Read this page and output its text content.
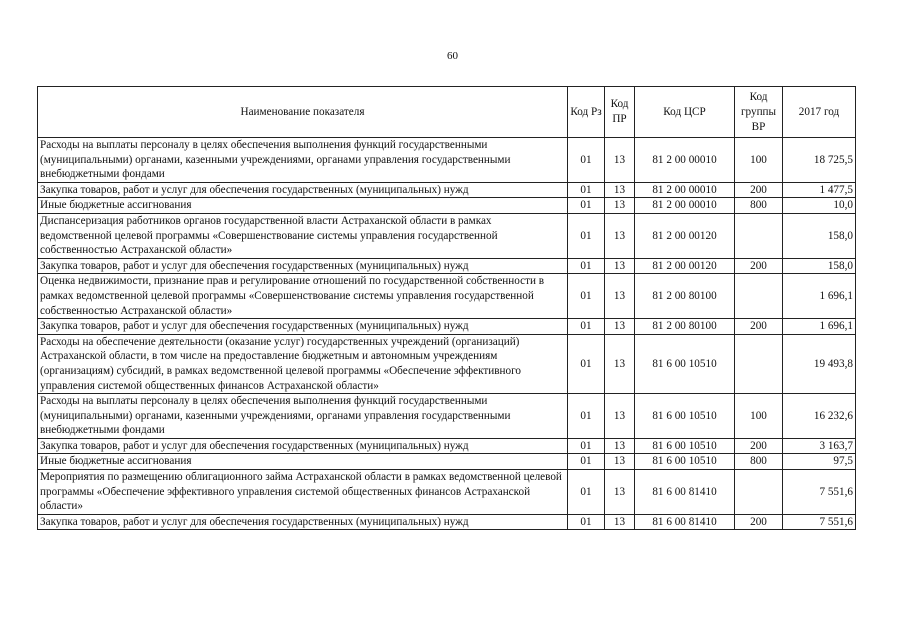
60
Наименование показателя	Код Рз	Код ПР	Код ЦСР	Код группы ВР	2017 год
Расходы на выплаты персоналу в целях обеспечения выполнения функций государственными (муниципальными) органами, казенными учреждениями, органами управления государственными внебюджетными фондами	01	13	81 2 00 00010	100	18 725,5
Закупка товаров, работ и услуг для обеспечения государственных (муниципальных) нужд	01	13	81 2 00 00010	200	1 477,5
Иные бюджетные ассигнования	01	13	81 2 00 00010	800	10,0
Диспансеризация работников органов государственной власти Астраханской области в рамках ведомственной целевой программы «Совершенствование системы управления государственной собственностью Астраханской области»	01	13	81 2 00 00120		158,0
Закупка товаров, работ и услуг для обеспечения государственных (муниципальных) нужд	01	13	81 2 00 00120	200	158,0
Оценка недвижимости, признание прав и регулирование отношений по государственной собственности в рамках ведомственной целевой программы «Совершенствование системы управления государственной собственностью Астраханской области»	01	13	81 2 00 80100		1 696,1
Закупка товаров, работ и услуг для обеспечения государственных (муниципальных) нужд	01	13	81 2 00 80100	200	1 696,1
Расходы на обеспечение деятельности (оказание услуг) государственных учреждений (организаций) Астраханской области, в том числе на предоставление бюджетным и автономным учреждениям (организациям) субсидий, в рамках ведомственной целевой программы «Обеспечение эффективного управления системой общественных финансов Астраханской области»	01	13	81 6 00 10510		19 493,8
Расходы на выплаты персоналу в целях обеспечения выполнения функций государственными (муниципальными) органами, казенными учреждениями, органами управления государственными внебюджетными фондами	01	13	81 6 00 10510	100	16 232,6
Закупка товаров, работ и услуг для обеспечения государственных (муниципальных) нужд	01	13	81 6 00 10510	200	3 163,7
Иные бюджетные ассигнования	01	13	81 6 00 10510	800	97,5
Мероприятия по размещению облигационного займа Астраханской области в рамках ведомственной целевой программы «Обеспечение эффективного управления системой общественных финансов Астраханской области»	01	13	81 6 00 81410		7 551,6
Закупка товаров, работ и услуг для обеспечения государственных (муниципальных) нужд	01	13	81 6 00 81410	200	7 551,6
